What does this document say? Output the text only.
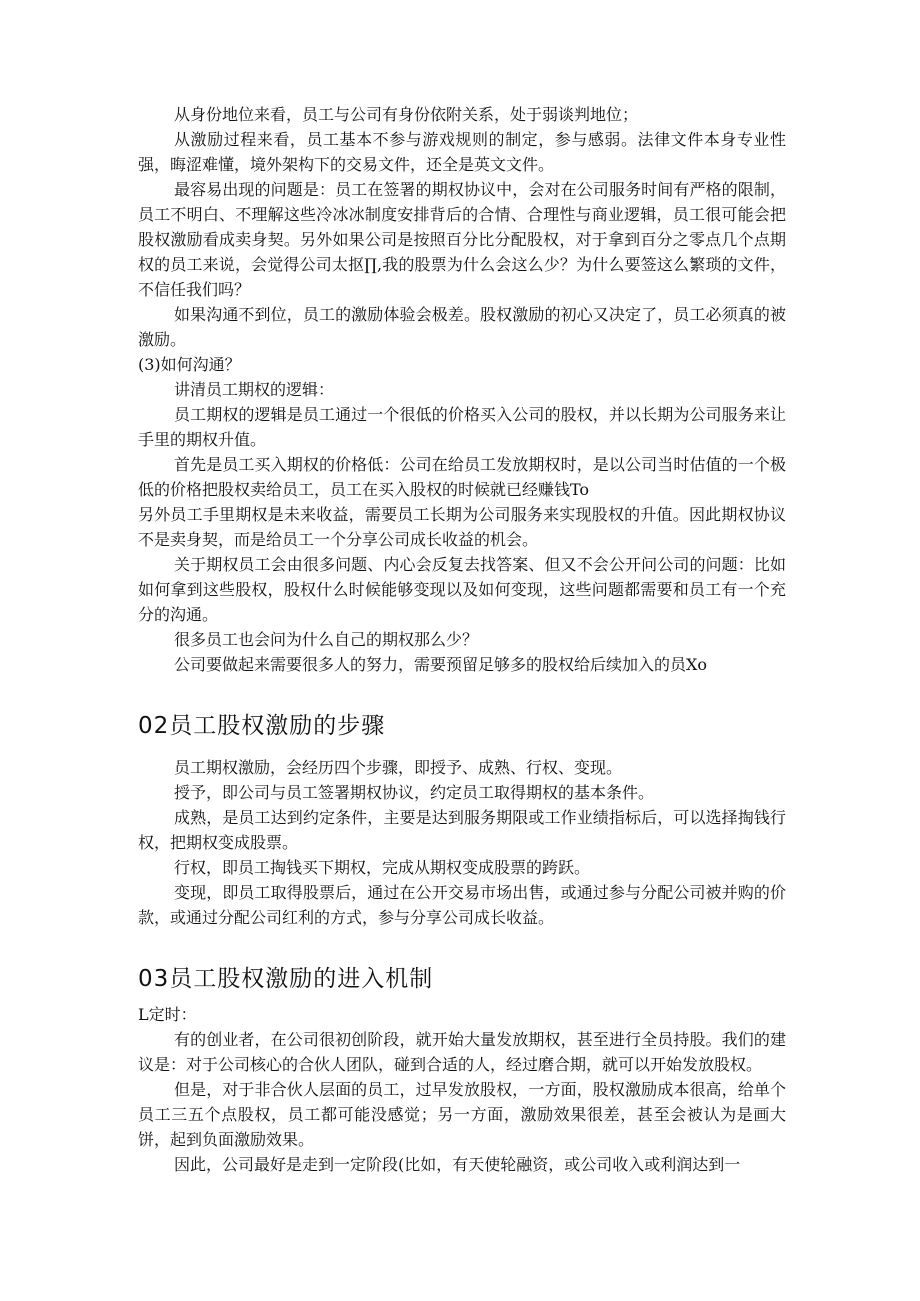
从身份地位来看，员工与公司有身份依附关系，处于弱谈判地位；

从激励过程来看，员工基本不参与游戏规则的制定，参与感弱。法律文件本身专业性强，晦涩难懂，境外架构下的交易文件，还全是英文文件。

最容易出现的问题是：员工在签署的期权协议中，会对在公司服务时间有严格的限制，员工不明白、不理解这些冷冰冰制度安排背后的合情、合理性与商业逻辑，员工很可能会把股权激励看成卖身契。另外如果公司是按照百分比分配股权，对于拿到百分之零点几个点期权的员工来说，会觉得公司太抠∏,我的股票为什么会这么少？为什么要签这么繁琐的文件，不信任我们吗？

如果沟通不到位，员工的激励体验会极差。股权激励的初心又决定了，员工必须真的被激励。

(3)如何沟通？

讲清员工期权的逻辑：

员工期权的逻辑是员工通过一个很低的价格买入公司的股权，并以长期为公司服务来让手里的期权升值。

首先是员工买入期权的价格低：公司在给员工发放期权时，是以公司当时估值的一个极低的价格把股权卖给员工，员工在买入股权的时候就已经赚钱To

另外员工手里期权是未来收益，需要员工长期为公司服务来实现股权的升值。因此期权协议不是卖身契，而是给员工一个分享公司成长收益的机会。

关于期权员工会由很多问题、内心会反复去找答案、但又不会公开问公司的问题：比如如何拿到这些股权，股权什么时候能够变现以及如何变现，这些问题都需要和员工有一个充分的沟通。

很多员工也会问为什么自己的期权那么少？

公司要做起来需要很多人的努力，需要预留足够多的股权给后续加入的员Xo

02员工股权激励的步骤

员工期权激励，会经历四个步骤，即授予、成熟、行权、变现。

授予，即公司与员工签署期权协议，约定员工取得期权的基本条件。

成熟，是员工达到约定条件，主要是达到服务期限或工作业绩指标后，可以选择掏钱行权，把期权变成股票。

行权，即员工掏钱买下期权，完成从期权变成股票的跨跃。

变现，即员工取得股票后，通过在公开交易市场出售，或通过参与分配公司被并购的价款，或通过分配公司红利的方式，参与分享公司成长收益。

03员工股权激励的进入机制

L定时：

有的创业者，在公司很初创阶段，就开始大量发放期权，甚至进行全员持股。我们的建议是：对于公司核心的合伙人团队，碰到合适的人，经过磨合期，就可以开始发放股权。

但是，对于非合伙人层面的员工，过早发放股权，一方面，股权激励成本很高，给单个员工三五个点股权，员工都可能没感觉；另一方面，激励效果很差，甚至会被认为是画大饼，起到负面激励效果。

因此，公司最好是走到一定阶段(比如，有天使轮融资，或公司收入或利润达到一
